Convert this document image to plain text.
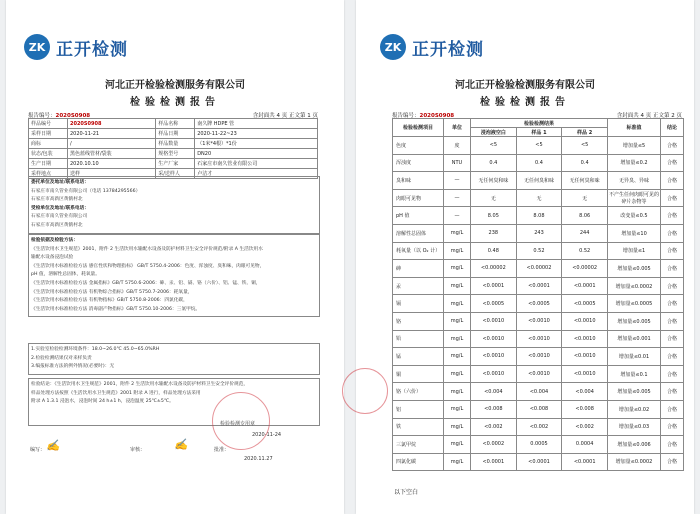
ZK 正开检测
河北正开检验检测服务有限公司
检验检测报告
报告编号：2020S0908	含封面共 4 页 正文第 1 页
样品编号	2020S0908	样品名称	南久牌 HDPE 管
采样日期	2020-11-21	样品日期	2020-11-22~23
商标	/	样品数量	（1米*4根）*1份
状态/包装	黑色蓝线管材/袋装	规格型号	DN20
生产日期	2020.10.10	生产厂家	石家庄市南久管业有限公司
采样地点	送样	采/送样人	卢洁才
委托单位及地址/联系电话：
石家庄市南久管业有限公司（电话 13784295566）
石家庄市高新区黄鹤村北
受检单位及地址/联系电话：
石家庄市南久管业有限公司
石家庄市高新区黄鹤村北
检验依据及检验方法：
《生活饮用水卫生规范》2001，附件 2 生活饮用水输配水设备及防护材料卫生安全评价规范/附录 A 生活饮用水
输配水设备浸泡试验
《生活饮用水标准检验方法 感官性状和物理指标》 GB/T 5750.4-2006：色度、浑浊度、臭和味，肉眼可见物，
pH 值，溶解性总固体，耗氧量。
《生活饮用水标准检验方法 金属指标》GB/T 5750.6-2006：砷、汞、铅、镉、铬（六价）、铝、锰、铁、铜，
《生活饮用水标准检验方法 有机物综合指标》GB/T 5750.7-2006：耗氧量，
《生活饮用水标准检验方法 有机物指标》GB/T 5750.8-2006：四氯化碳，
《生活饮用水标准检验方法 消毒副产物指标》GB/T 5750.10-2006：三氯甲烷。
1.实验室检验检测环境条件：18.0~26.0℃ 45.0~65.0%RH
2.检验检测结果仅对来样负责
3.编报标准方法的例外情况(必要时)：无
检验结论：《生活饮用水卫生规范》2001，附件 2 生活饮用水输配水设备及防护材料卫生安全评价规范，
样品处理方法按照《生活饮用水卫生规范》2001 附录 A 进行，样品处理方法采用
附录 A 1.3.1 浸泡水，浸泡时间 24 h±1 h，浸泡温度 25℃±5℃。
检验检测专用章
2020-11-24
编写： ✍	审核：	✍	批准：
2020.11.27
ZK 正开检测
河北正开检验检测服务有限公司
检验检测报告
报告编号：2020S0908	含封面共 4 页 正文第 2 页
检验检测项目	单位	检验检测结果			标准值	结论
		浸泡液空白	样品 1	样品 2		
色度	度	<5	<5	<5	增加量≤5	合格
浑浊度	NTU	0.4	0.4	0.4	增加量≤0.2	合格
臭和味	—	无任何臭和味	无任何臭和味	无任何臭和味	无异臭、异味	合格
肉眼可见物	—	无	无	无	不产生任何肉眼可见的碎片杂物等	合格
pH 值	—	8.05	8.08	8.06	改变量≤0.5	合格
溶解性总固体	mg/L	238	243	244	增加量≤10	合格
耗氧量（以 O₂ 计）	mg/L	0.48	0.52	0.52	增加量≤1	合格
砷	mg/L	<0.00002	<0.00002	<0.00002	增加量≤0.005	合格
汞	mg/L	<0.0001	<0.0001	<0.0001	增加量≤0.0002	合格
镉	mg/L	<0.0005	<0.0005	<0.0005	增加量≤0.0005	合格
铬	mg/L	<0.0010	<0.0010	<0.0010	增加量≤0.005	合格
铅	mg/L	<0.0010	<0.0010	<0.0010	增加量≤0.001	合格
锰	mg/L	<0.0010	<0.0010	<0.0010	增加量≤0.01	合格
铜	mg/L	<0.0010	<0.0010	<0.0010	增加量≤0.1	合格
铬（六价）	mg/L	<0.004	<0.004	<0.004	增加量≤0.005	合格
铝	mg/L	<0.008	<0.008	<0.008	增加量≤0.02	合格
铁	mg/L	<0.002	<0.002	<0.002	增加量≤0.03	合格
三氯甲烷	mg/L	<0.0002	0.0005	0.0004	增加量≤0.006	合格
四氯化碳	mg/L	<0.0001	<0.0001	<0.0001	增加量≤0.0002	合格
以下空白
